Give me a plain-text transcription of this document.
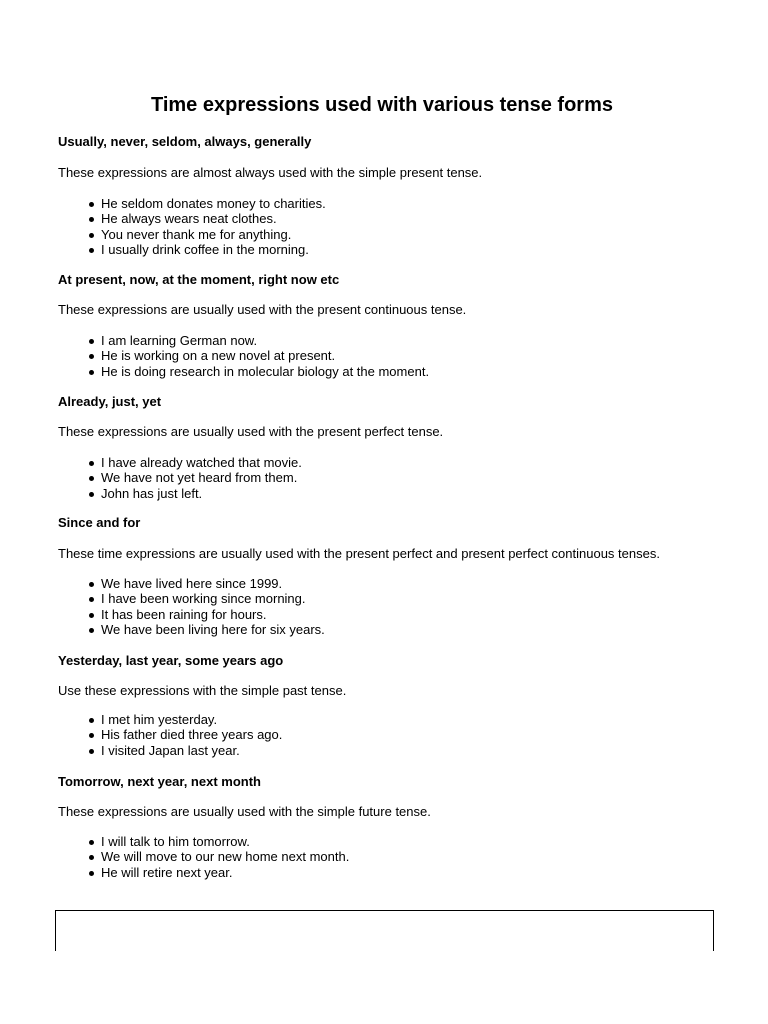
Time expressions used with various tense forms

Usually, never, seldom, always, generally

These expressions are almost always used with the simple present tense.

He seldom donates money to charities.
He always wears neat clothes.
You never thank me for anything.
I usually drink coffee in the morning.

At present, now, at the moment, right now etc

These expressions are usually used with the present continuous tense.

I am learning German now.
He is working on a new novel at present.
He is doing research in molecular biology at the moment.

Already, just, yet

These expressions are usually used with the present perfect tense.

I have already watched that movie.
We have not yet heard from them.
John has just left.

Since and for

These time expressions are usually used with the present perfect and present perfect continuous tenses.

We have lived here since 1999.
I have been working since morning.
It has been raining for hours.
We have been living here for six years.

Yesterday, last year, some years ago

Use these expressions with the simple past tense.

I met him yesterday.
His father died three years ago.
I visited Japan last year.

Tomorrow, next year, next month

These expressions are usually used with the simple future tense.

I will talk to him tomorrow.
We will move to our new home next month.
He will retire next year.
